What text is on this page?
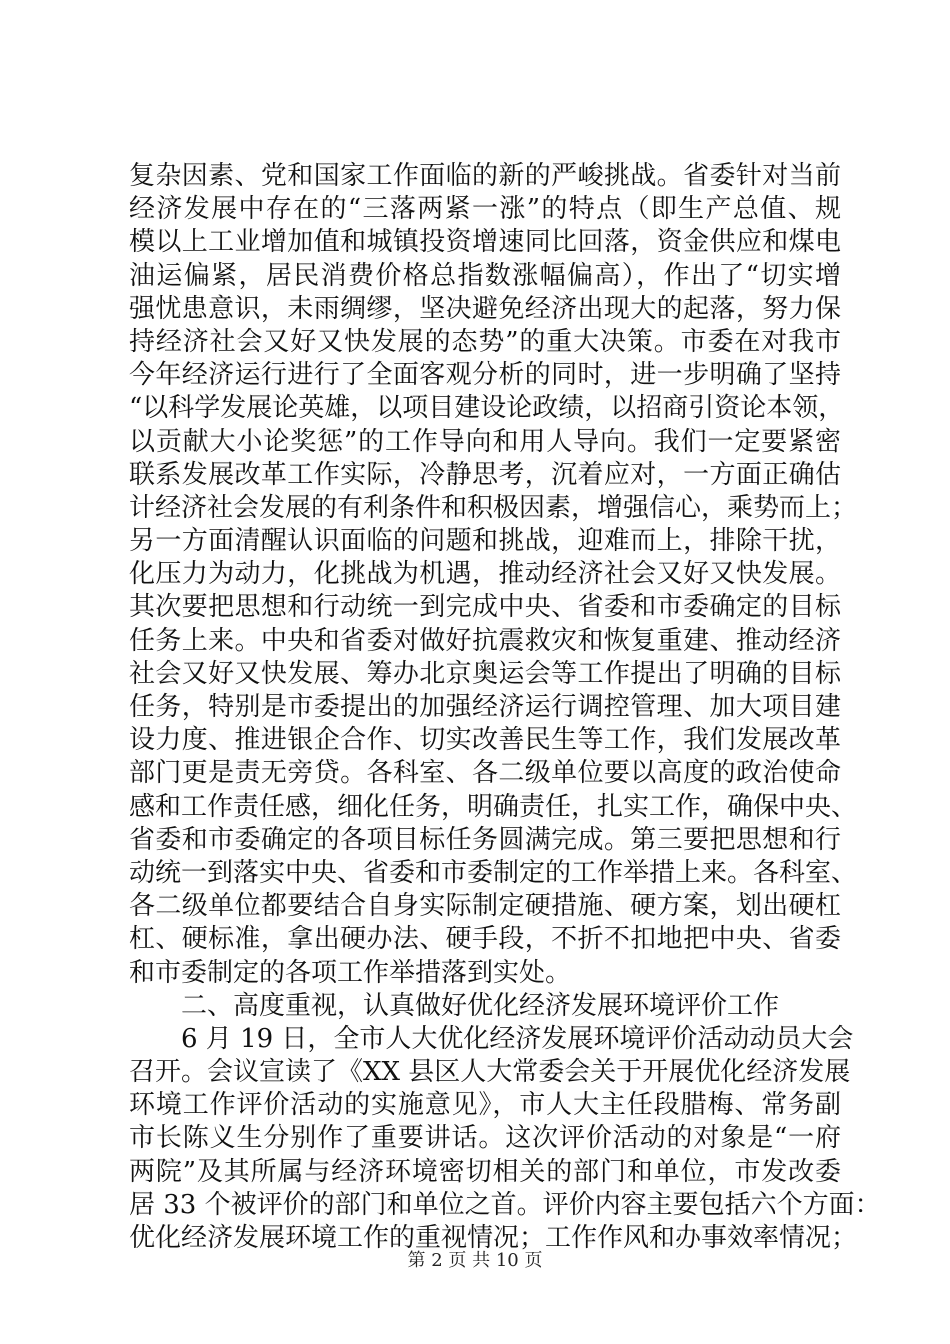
复杂因素、党和国家工作面临的新的严峻挑战。省委针对当前
经济发展中存在的“三落两紧一涨”的特点（即生产总值、规
模以上工业增加值和城镇投资增速同比回落，资金供应和煤电
油运偏紧，居民消费价格总指数涨幅偏高），作出了“切实增
强忧患意识，未雨绸缪，坚决避免经济出现大的起落，努力保
持经济社会又好又快发展的态势”的重大决策。市委在对我市
今年经济运行进行了全面客观分析的同时，进一步明确了坚持
“以科学发展论英雄，以项目建设论政绩，以招商引资论本领，
以贡献大小论奖惩”的工作导向和用人导向。我们一定要紧密
联系发展改革工作实际，冷静思考，沉着应对，一方面正确估
计经济社会发展的有利条件和积极因素，增强信心，乘势而上；
另一方面清醒认识面临的问题和挑战，迎难而上，排除干扰，
化压力为动力，化挑战为机遇，推动经济社会又好又快发展。
其次要把思想和行动统一到完成中央、省委和市委确定的目标
任务上来。中央和省委对做好抗震救灾和恢复重建、推动经济
社会又好又快发展、筹办北京奥运会等工作提出了明确的目标
任务，特别是市委提出的加强经济运行调控管理、加大项目建
设力度、推进银企合作、切实改善民生等工作，我们发展改革
部门更是责无旁贷。各科室、各二级单位要以高度的政治使命
感和工作责任感，细化任务，明确责任，扎实工作，确保中央、
省委和市委确定的各项目标任务圆满完成。第三要把思想和行
动统一到落实中央、省委和市委制定的工作举措上来。各科室、
各二级单位都要结合自身实际制定硬措施、硬方案，划出硬杠
杠、硬标准，拿出硬办法、硬手段，不折不扣地把中央、省委
和市委制定的各项工作举措落到实处。
二、高度重视，认真做好优化经济发展环境评价工作
6 月 19 日，全市人大优化经济发展环境评价活动动员大会
召开。会议宣读了《XX 县区人大常委会关于开展优化经济发展
环境工作评价活动的实施意见》，市人大主任段腊梅、常务副
市长陈义生分别作了重要讲话。这次评价活动的对象是“一府
两院”及其所属与经济环境密切相关的部门和单位，市发改委
居 33 个被评价的部门和单位之首。评价内容主要包括六个方面：
优化经济发展环境工作的重视情况；工作作风和办事效率情况；
第 2 页 共 10 页
